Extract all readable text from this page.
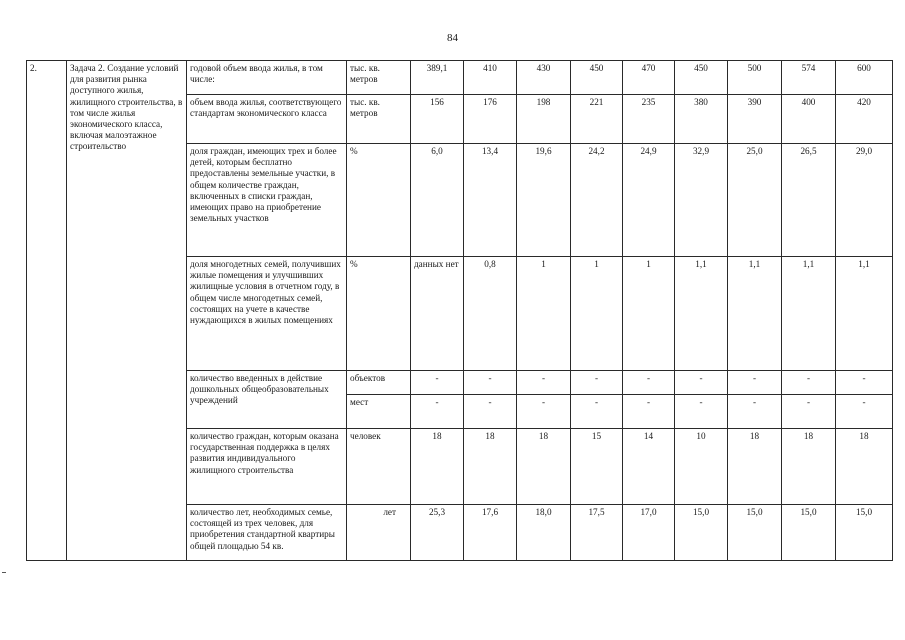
84
2.	Задача 2. Создание условий для развития рынка доступного жилья, жилищного строительства, в том числе жилья экономического класса, включая малоэтажное строительство	годовой объем ввода жилья, в том числе:	тыс. кв. метров	389,1	410	430	450	470	450	500	574	600
		объем ввода жилья, соответствующего стандартам экономического класса	тыс. кв. метров	156	176	198	221	235	380	390	400	420
		доля граждан, имеющих трех и более детей, которым бесплатно предоставлены земельные участки, в общем количестве граждан, включенных в списки граждан, имеющих право на приобретение земельных участков	%	6,0	13,4	19,6	24,2	24,9	32,9	25,0	26,5	29,0
		доля многодетных семей, получивших жилые помещения и улучшивших жилищные условия в отчетном году, в общем числе многодетных семей, состоящих на учете в качестве нуждающихся в жилых помещениях	%	данных нет	0,8	1	1	1	1,1	1,1	1,1	1,1
		количество введенных в действие дошкольных общеобразовательных учреждений	объектов	-	-	-	-	-	-	-	-	-
			мест	-	-	-	-	-	-	-	-	-
		количество граждан, которым оказана государственная поддержка в целях развития индивидуального жилищного строительства	человек	18	18	18	15	14	10	18	18	18
		количество лет, необходимых семье, состоящей из трех человек, для приобретения стандартной квартиры общей площадью 54 кв.	лет	25,3	17,6	18,0	17,5	17,0	15,0	15,0	15,0	15,0
